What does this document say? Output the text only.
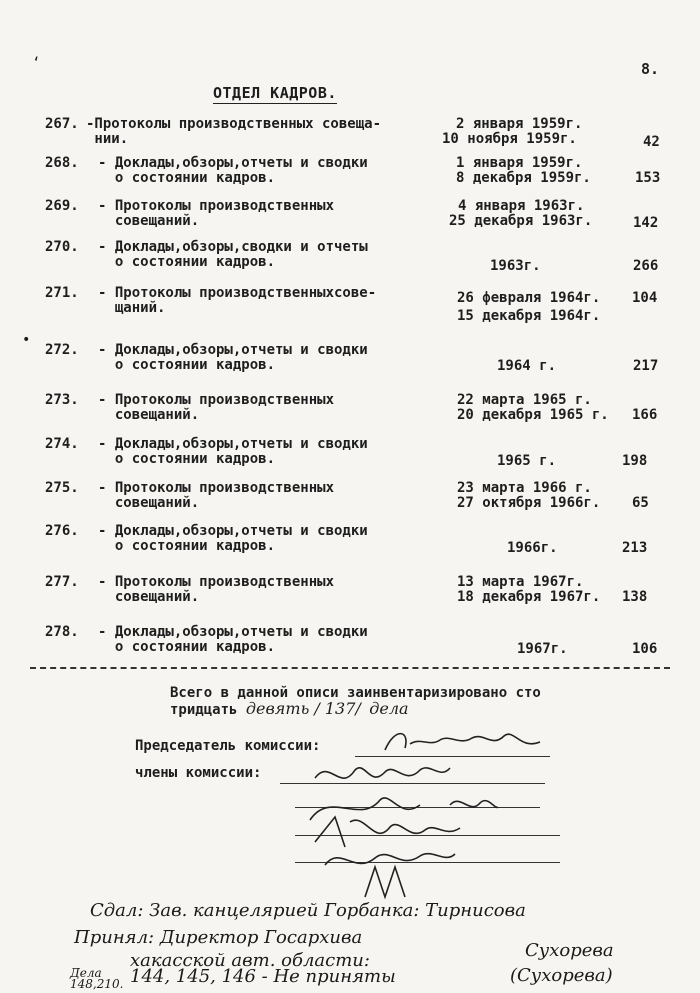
8.
ОТДЕЛ КАДРОВ.
267. -Протоколы производственных совеща-
нии.
2 января 1959г.
10 ноября 1959г.	42
268. - Доклады,обзоры,отчеты и сводки
о состоянии кадров.
1 января 1959г.
8 декабря 1959г.	153
269. - Протоколы производственных
совещаний.
4 января 1963г.
25 декабря 1963г.	142
270. - Доклады,обзоры,сводки и отчеты
о состоянии кадров.	1963г.	266
271. - Протоколы производственныхсове-
щаний.
26 февраля 1964г.
15 декабря 1964г.
104
272. - Доклады,обзоры,отчеты и сводки
о состоянии кадров.	1964 г.	217
273. - Протоколы производственных
совещаний.
22 марта 1965 г.
20 декабря 1965 г. 166
274. - Доклады,обзоры,отчеты и сводки
о состоянии кадров.	1965 г.	198
275. - Протоколы производственных
совещаний.
23 марта 1966 г.
27 октября 1966г. 65
276. - Доклады,обзоры,отчеты и сводки
о состоянии кадров.	1966г.	213
277. - Протоколы производственных
совещаний.
13 марта 1967г.
18 декабря 1967г. 138
278. - Доклады,обзоры,отчеты и сводки
о состоянии кадров.	1967г.	106
Всего в данной описи заинвентаризировано сто
тридцать девять / 137/ дела
Председатель комиссии:
члены комиссии:
Сдал: Зав. канцелярией Горбанка: Тирнисова
Принял: Директор Госархива
хакасской авт. области:	Сухорева
(Сухорева)
Дела 148,210. 144, 145, 146 - Не приняты
ʻ
•
